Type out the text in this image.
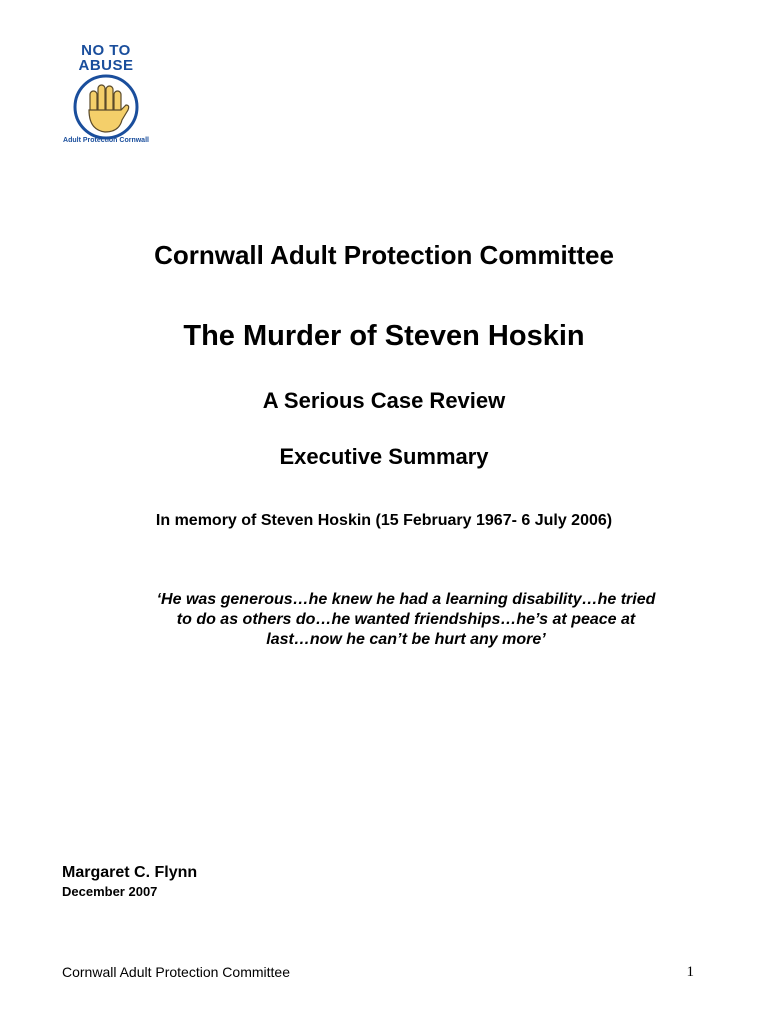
NO TO
ABUSE
Adult Protection Cornwall
Cornwall Adult Protection Committee
The Murder of Steven Hoskin
A Serious Case Review
Executive Summary
In memory of Steven Hoskin (15 February 1967- 6 July 2006)
‘He was generous…he knew he had a learning disability…he tried
to do as others do…he wanted friendships…he’s at peace at
last…now he can’t be hurt any more’
Margaret C. Flynn
December 2007
Cornwall Adult Protection Committee	1
